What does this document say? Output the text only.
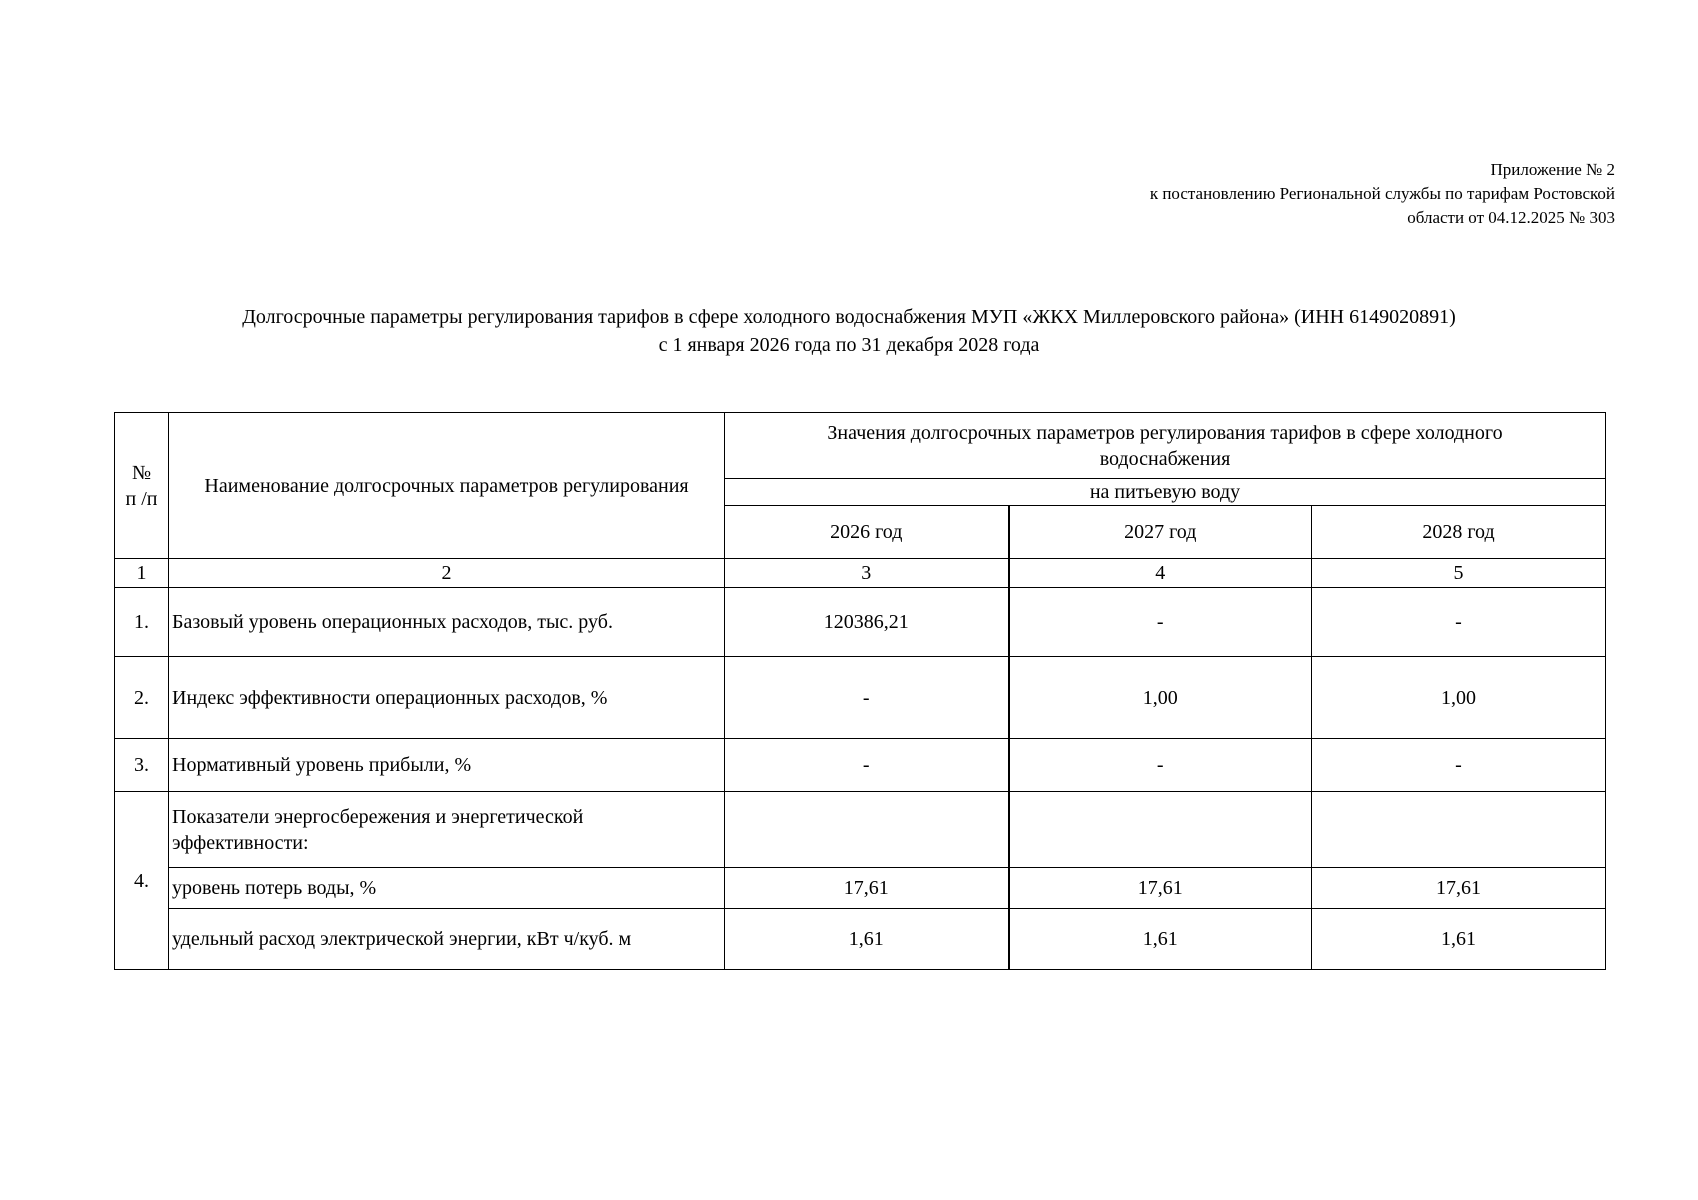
Приложение № 2
к постановлению Региональной службы по тарифам Ростовской
области от 04.12.2025 № 303
Долгосрочные параметры регулирования тарифов в сфере холодного водоснабжения МУП «ЖКХ Миллеровского района» (ИНН 6149020891)
с 1 января 2026 года по 31 декабря 2028 года
№
п /п	Наименование долгосрочных параметров регулирования	Значения долгосрочных параметров регулирования тарифов в сфере холодного водоснабжения		
		на питьевую воду		
		2026 год	2027 год	2028 год
1	2	3	4	5
1.	Базовый уровень операционных расходов, тыс. руб.	120386,21	-	-
2.	Индекс эффективности операционных расходов, %	-	1,00	1,00
3.	Нормативный уровень прибыли, %	-	-	-
4.	Показатели энергосбережения и энергетической эффективности:			
	уровень потерь воды, %	17,61	17,61	17,61
	удельный расход электрической энергии, кВт ч/куб. м	1,61	1,61	1,61
